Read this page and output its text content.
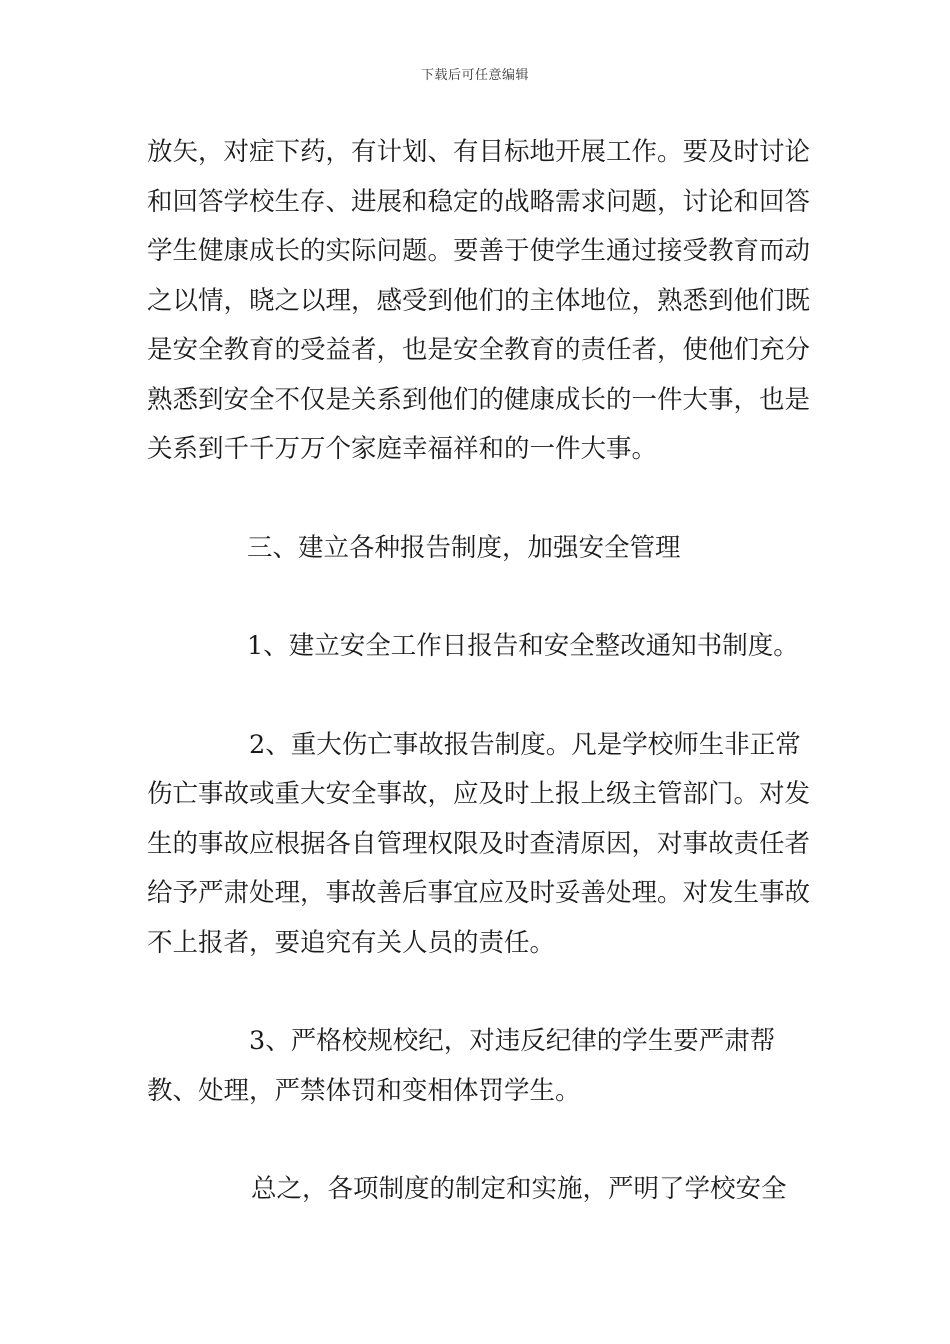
下载后可任意编辑

放矢，对症下药，有计划、有目标地开展工作。要及时讨论和回答学校生存、进展和稳定的战略需求问题，讨论和回答学生健康成长的实际问题。要善于使学生通过接受教育而动之以情，晓之以理，感受到他们的主体地位，熟悉到他们既是安全教育的受益者，也是安全教育的责任者，使他们充分熟悉到安全不仅是关系到他们的健康成长的一件大事，也是关系到千千万万个家庭幸福祥和的一件大事。

三、建立各种报告制度，加强安全管理

1、建立安全工作日报告和安全整改通知书制度。

2、重大伤亡事故报告制度。凡是学校师生非正常伤亡事故或重大安全事故，应及时上报上级主管部门。对发生的事故应根据各自管理权限及时查清原因，对事故责任者给予严肃处理，事故善后事宜应及时妥善处理。对发生事故不上报者，要追究有关人员的责任。

3、严格校规校纪，对违反纪律的学生要严肃帮教、处理，严禁体罚和变相体罚学生。

总之，各项制度的制定和实施，严明了学校安全
